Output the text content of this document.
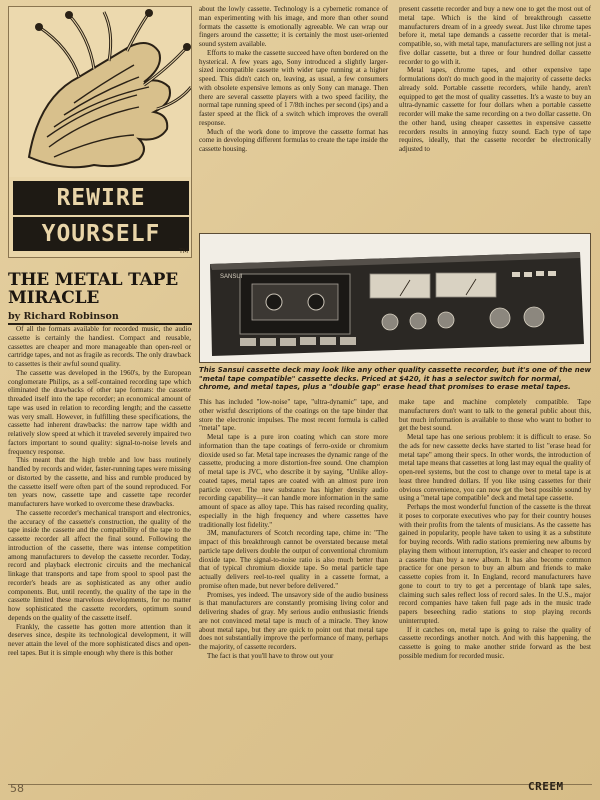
REWIRE
YOURSELF
TM
THE METAL TAPE MIRACLE
by Richard Robinson

Of all the formats available for recorded music, the audio cassette is certainly the handiest. Compact and reusable, cassettes are cheaper and more manageable than open-reel or cartridge tapes, and not as fragile as records. The only drawback to cassettes is their awful sound quality.

The cassette was developed in the 1960's, by the European conglomerate Philips, as a self-contained recording tape which eliminated the drawbacks of other tape formats: the cassette threaded itself into the tape recorder; an economical amount of tape was used in relation to recording length; and the cassette was very small. However, in fulfilling these specifications, the cassette had inherent drawbacks: the narrow tape width and relatively slow speed at which it traveled severely impaired two factors important to sound quality: signal-to-noise levels and frequency response.

This meant that the high treble and low bass routinely handled by records and wider, faster-running tapes were missing or distorted by the cassette, and hiss and rumble produced by the cassette itself were often part of the sound reproduced. For ten years now, cassette tape and cassette tape recorder manufacturers have worked to overcome these drawbacks.

The cassette recorder's mechanical transport and electronics, the accuracy of the cassette's construction, the quality of the tape inside the cassette and the compatibility of the tape to the cassette recorder all affect the final sound. Following the introduction of the cassette, there was intense competition among manufacturers to develop the cassette recorder. Today, record and playback electronic circuits and the mechanical linkage that transports and tape from spool to spool past the recorder's heads are as sophisticated as any other audio components. But, until recently, the quality of the tape in the cassette limited these marvelous developments, for no matter how sophisticated the cassette recorders, optimum sound depends on the quality of the cassette itself.

Frankly, the cassette has gotten more attention than it deserves since, despite its technological development, it will never attain the level of the more sophisticated discs and open-reel tapes. But it is simple enough why there is this bother

about the lowly cassette. Technology is a cybernetic romance of man experimenting with his image, and more than other sound formats the cassette is emotionally agreeable. We can wrap our fingers around the cassette; it is certainly the most user-oriented sound system available.

Efforts to make the cassette succeed have often bordered on the hysterical. A few years ago, Sony introduced a slightly larger-sized incompatible cassette with wider tape running at a higher speed. This didn't catch on, leaving, as usual, a few consumers with obsolete expensive lemons as only Sony can manage. Then there are several cassette players with a two speed facility, the normal tape running speed of 1 7/8th inches per second (ips) and a faster speed at the flick of a switch which improves the overall response.

Much of the work done to improve the cassette format has come in developing different formulas to create the tape inside the cassette housing.

present cassette recorder and buy a new one to get the most out of metal tape. Which is the kind of breakthrough cassette manufacturers dream of in a greedy sweat. Just like chrome tapes before it, metal tape demands a cassette recorder that is metal-compatible, so, with metal tape, manufacturers are selling not just a five dollar cassette, but a three or four hundred dollar cassette recorder to go with it.

Metal tapes, chrome tapes, and other expensive tape formulations don't do much good in the majority of cassette decks already sold. Portable cassette recorders, while handy, aren't equipped to get the most of quality cassettes. It's a waste to buy an ultra-dynamic cassette for four dollars when a portable cassette recorder will make the same recording on a two dollar cassette. On the other hand, using cheaper cassettes in expensive cassette recorders results in annoying fuzzy sound. Each type of tape requires, ideally, that the cassette recorder be electronically adjusted to

SANSUI
This Sansui cassette deck may look like any other quality cassette recorder, but it's one of the new "metal tape compatible" cassette decks. Priced at $420, it has a selector switch for normal, chrome, and metal tapes, plus a "double gap" erase head that promises to erase metal tapes.

This has included "low-noise" tape, "ultra-dynamic" tape, and other wistful descriptions of the coatings on the tape binder that store the electronic impulses. The most recent formula is called "metal" tape.

Metal tape is a pure iron coating which can store more information than the tape coatings of ferro-oxide or chromium dioxide used so far. Metal tape increases the dynamic range of the cassette, producing a more distortion-free sound. One champion of metal tape is JVC, who describe it by saying, "Unlike alloy-coated tapes, metal tapes are coated with an almost pure iron particle cover. The new substance has higher density audio recording capability—it can handle more information in the same amount of space as alloy tape. This has raised recording quality, especially in the high frequency and where cassettes have traditionally lost fidelity."

3M, manufacturers of Scotch recording tape, chime in: "The impact of this breakthrough cannot be overstated because metal particle tape delivers double the output of conventional chromium dioxide tape. The signal-to-noise ratio is also much better than that of typical chromium dioxide tape. So metal particle tape actually delivers reel-to-reel quality in a cassette format, a promise often made, but never before delivered."

Promises, yes indeed. The unsavory side of the audio business is that manufacturers are constantly promising living color and delivering shades of gray. My serious audio enthusiastic friends are not convinced metal tape is much of a miracle. They know about metal tape, but they are quick to point out that metal tape does not substantially improve the performance of many, perhaps the majority, of cassette recorders.

The fact is that you'll have to throw out your

make tape and machine completely compatible. Tape manufacturers don't want to talk to the general public about this, but much information is available to those who want to bother to get the best sound.

Metal tape has one serious problem: it is difficult to erase. So the ads for new cassette decks have started to list "erase head for metal tape" among their specs. In other words, the introduction of metal tape means that cassettes at long last may equal the quality of open-reel systems, but the cost to change over to metal tape is at least three hundred dollars. If you like using cassettes for their obvious convenience, you can now get the best possible sound by using a "metal tape compatible" deck and metal tape cassette.

Perhaps the most wonderful function of the cassette is the threat it poses to corporate executives who pay for their country houses with their profits from the talents of musicians. As the cassette has gained in popularity, people have taken to using it as a substitute for buying records. With radio stations premiering new albums by playing them without interruption, it's easier and cheaper to record a cassette than buy a new album. It has also become common practice for one person to buy an album and friends to make cassette copies from it. In England, record manufacturers have gone to court to try to get a percentage of blank tape sales, claiming such sales reflect loss of record sales. In the U.S., major record companies have taken full page ads in the music trade papers beseeching radio stations to stop playing records uninterrupted.

If it catches on, metal tape is going to raise the quality of cassette recordings another notch. And with this happening, the cassette is going to make another stride forward as the best possible medium for recorded music.

58	CREEM
